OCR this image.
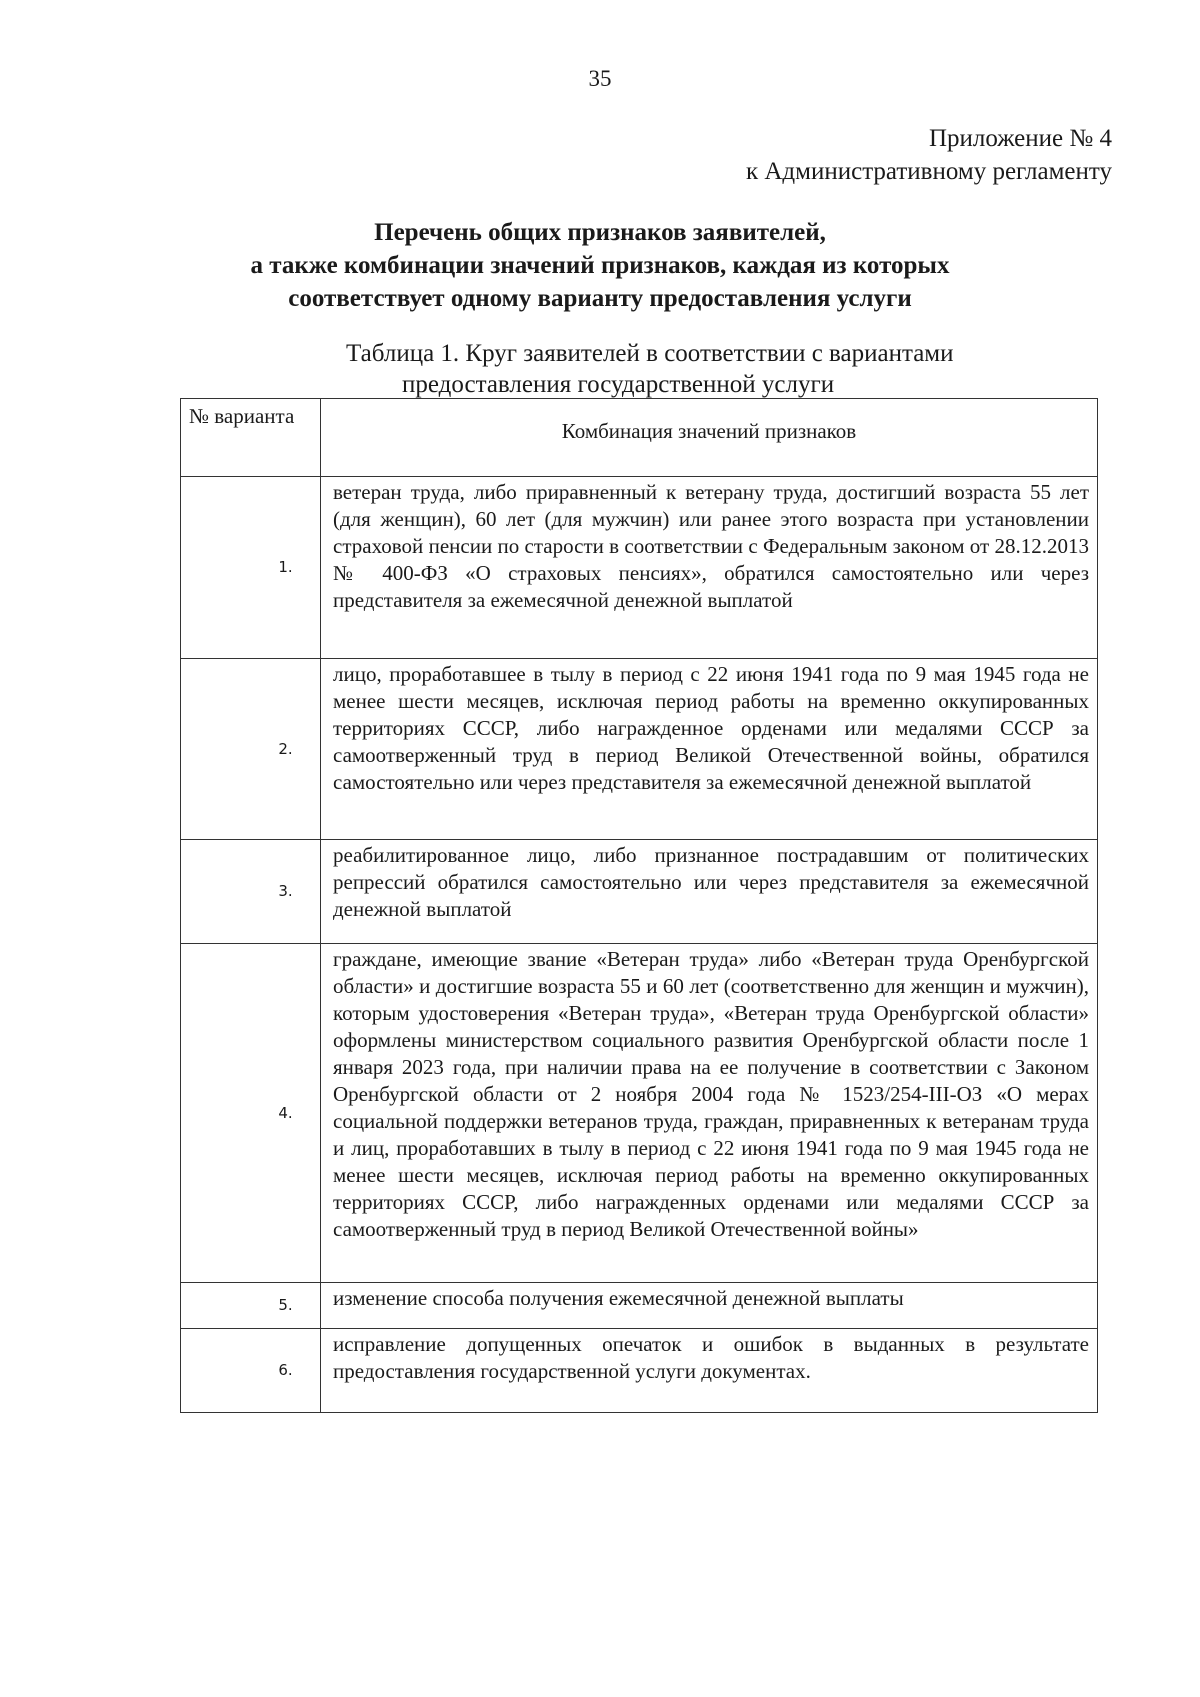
35
Приложение № 4
к Административному регламенту
Перечень общих признаков заявителей,
а также комбинации значений признаков, каждая из которых
соответствует одному варианту предоставления услуги
Таблица 1. Круг заявителей в соответствии с вариантами
предоставления государственной услуги
№ варианта	Комбинация значений признаков
1.	ветеран труда, либо приравненный к ветерану труда, достигший возраста 55 лет (для женщин), 60 лет (для мужчин) или ранее этого возраста при установлении страховой пенсии по старости в соответствии с Федеральным законом от 28.12.2013 № 400-ФЗ «О страховых пенсиях», обратился самостоятельно или через представителя за ежемесячной денежной выплатой
2.	лицо, проработавшее в тылу в период с 22 июня 1941 года по 9 мая 1945 года не менее шести месяцев, исключая период работы на временно оккупированных территориях СССР, либо награжденное орденами или медалями СССР за самоотверженный труд в период Великой Отечественной войны, обратился самостоятельно или через представителя за ежемесячной денежной выплатой
3.	реабилитированное лицо, либо признанное пострадавшим от политических репрессий обратился самостоятельно или через представителя за ежемесячной денежной выплатой
4.	граждане, имеющие звание «Ветеран труда» либо «Ветеран труда Оренбургской области» и достигшие возраста 55 и 60 лет (соответственно для женщин и мужчин), которым удостоверения «Ветеран труда», «Ветеран труда Оренбургской области» оформлены министерством социального развития Оренбургской области после 1 января 2023 года, при наличии права на ее получение в соответствии с Законом Оренбургской области от 2 ноября 2004 года № 1523/254-III-ОЗ «О мерах социальной поддержки ветеранов труда, граждан, приравненных к ветеранам труда и лиц, проработавших в тылу в период с 22 июня 1941 года по 9 мая 1945 года не менее шести месяцев, исключая период работы на временно оккупированных территориях СССР, либо награжденных орденами или медалями СССР за самоотверженный труд в период Великой Отечественной войны»
5.	изменение способа получения ежемесячной денежной выплаты
6.	исправление допущенных опечаток и ошибок в выданных в результате предоставления государственной услуги документах.
